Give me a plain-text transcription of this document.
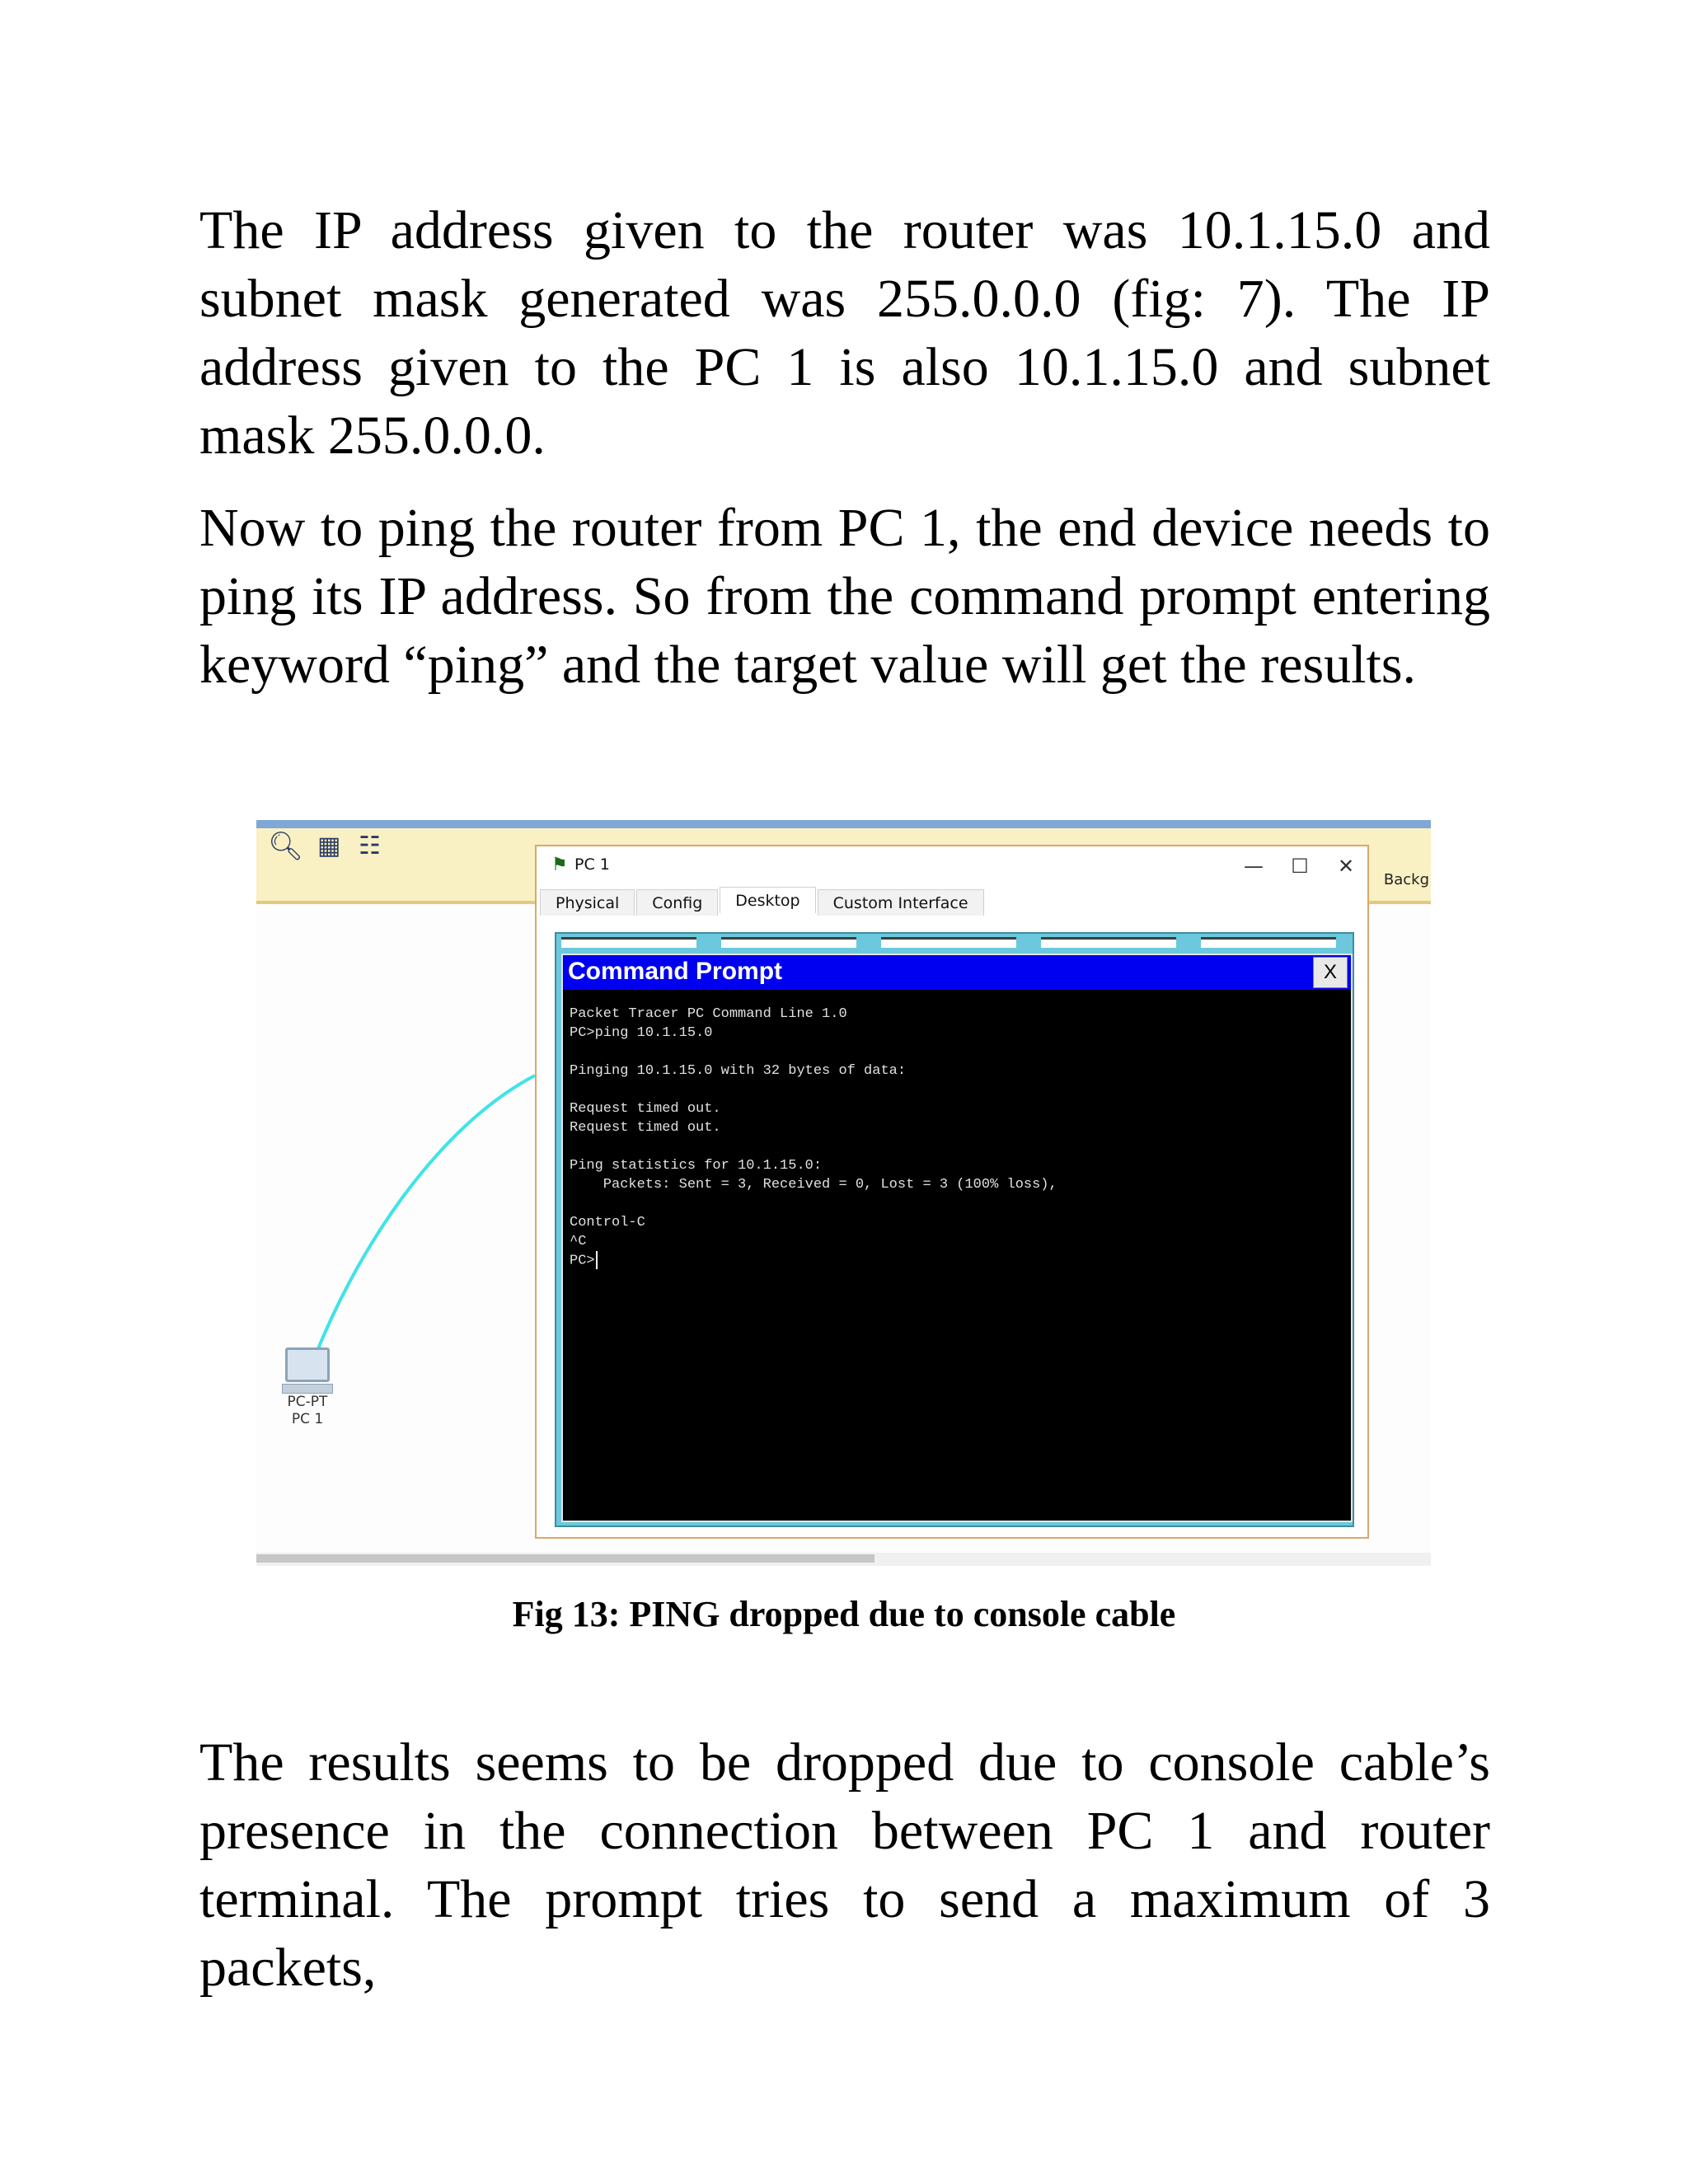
The IP address given to the router was 10.1.15.0 and subnet mask generated was 255.0.0.0 (fig: 7). The IP address given to the PC 1 is also 10.1.15.0 and subnet mask 255.0.0.0.

Now to ping the router from PC 1, the end device needs to ping its IP address. So from the command prompt entering keyword “ping” and the target value will get the results.

🔍︎ ▦ ☷
Backg
PC-PT
PC 1
⚑ PC 1	—	☐	✕
Physical	Config	Desktop	Custom Interface
Command Prompt	X
Packet Tracer PC Command Line 1.0
PC>ping 10.1.15.0
Pinging 10.1.15.0 with 32 bytes of data:
Request timed out.
Request timed out.
Ping statistics for 10.1.15.0:
Packets: Sent = 3, Received = 0, Lost = 3 (100% loss),
Control-C
^C
PC>
Fig 13: PING dropped due to console cable

The results seems to be dropped due to console cable’s presence in the connection between PC 1 and router terminal. The prompt tries to send a maximum of 3 packets,
